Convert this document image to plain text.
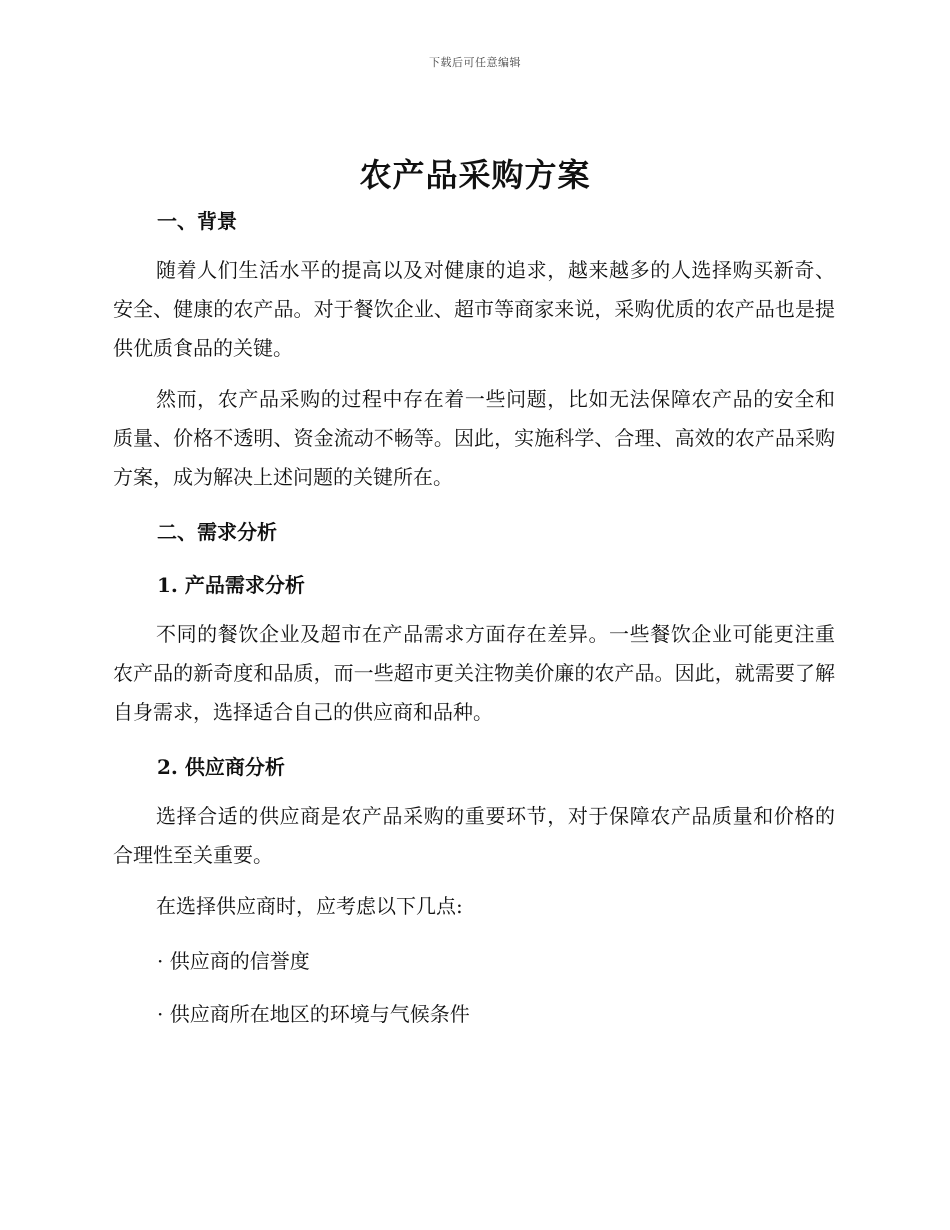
下载后可任意编辑
农产品采购方案
一、背景

随着人们生活水平的提高以及对健康的追求，越来越多的人选择购买新奇、安全、健康的农产品。对于餐饮企业、超市等商家来说，采购优质的农产品也是提供优质食品的关键。

然而，农产品采购的过程中存在着一些问题，比如无法保障农产品的安全和质量、价格不透明、资金流动不畅等。因此，实施科学、合理、高效的农产品采购方案，成为解决上述问题的关键所在。

二、需求分析
1. 产品需求分析

不同的餐饮企业及超市在产品需求方面存在差异。一些餐饮企业可能更注重农产品的新奇度和品质，而一些超市更关注物美价廉的农产品。因此，就需要了解自身需求，选择适合自己的供应商和品种。

2. 供应商分析

选择合适的供应商是农产品采购的重要环节，对于保障农产品质量和价格的合理性至关重要。

在选择供应商时，应考虑以下几点:

· 供应商的信誉度

· 供应商所在地区的环境与气候条件
